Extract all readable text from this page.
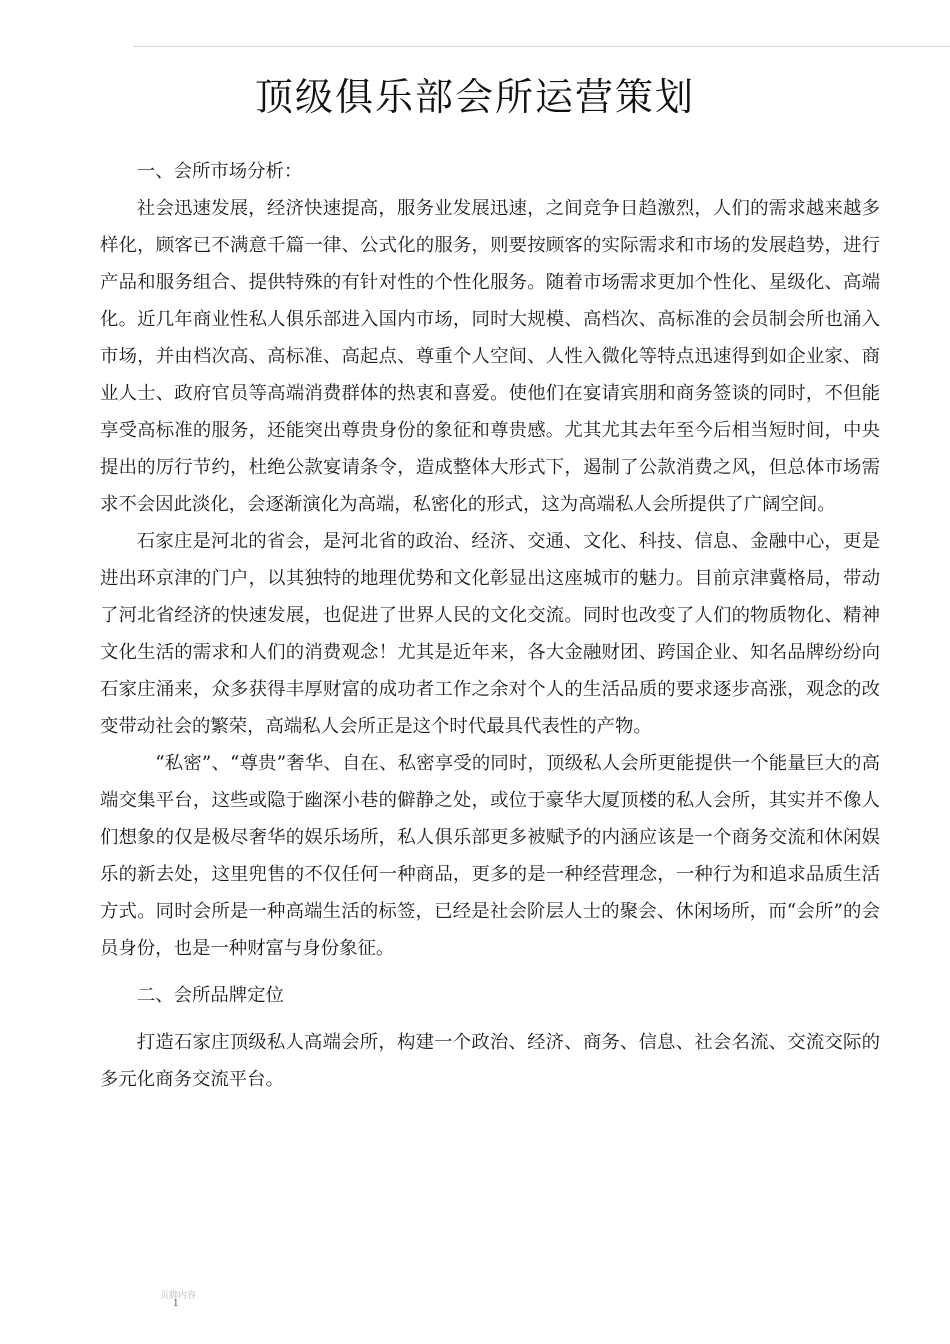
顶级俱乐部会所运营策划

一、会所市场分析：

社会迅速发展，经济快速提高，服务业发展迅速，之间竞争日趋激烈，人们的需求越来越多样化，顾客已不满意千篇一律、公式化的服务，则要按顾客的实际需求和市场的发展趋势，进行产品和服务组合、提供特殊的有针对性的个性化服务。随着市场需求更加个性化、星级化、高端化。近几年商业性私人俱乐部进入国内市场，同时大规模、高档次、高标准的会员制会所也涌入市场，并由档次高、高标准、高起点、尊重个人空间、人性入微化等特点迅速得到如企业家、商业人士、政府官员等高端消费群体的热衷和喜爱。使他们在宴请宾朋和商务签谈的同时，不但能享受高标准的服务，还能突出尊贵身份的象征和尊贵感。尤其尤其去年至今后相当短时间，中央提出的厉行节约，杜绝公款宴请条令，造成整体大形式下，遏制了公款消费之风，但总体市场需求不会因此淡化，会逐渐演化为高端，私密化的形式，这为高端私人会所提供了广阔空间。

石家庄是河北的省会，是河北省的政治、经济、交通、文化、科技、信息、金融中心，更是进出环京津的门户，以其独特的地理优势和文化彰显出这座城市的魅力。目前京津冀格局，带动了河北省经济的快速发展，也促进了世界人民的文化交流。同时也改变了人们的物质物化、精神文化生活的需求和人们的消费观念！尤其是近年来，各大金融财团、跨国企业、知名品牌纷纷向石家庄涌来，众多获得丰厚财富的成功者工作之余对个人的生活品质的要求逐步高涨，观念的改变带动社会的繁荣，高端私人会所正是这个时代最具代表性的产物。

“私密”、“尊贵”奢华、自在、私密享受的同时，顶级私人会所更能提供一个能量巨大的高端交集平台，这些或隐于幽深小巷的僻静之处，或位于豪华大厦顶楼的私人会所，其实并不像人们想象的仅是极尽奢华的娱乐场所，私人俱乐部更多被赋予的内涵应该是一个商务交流和休闲娱乐的新去处，这里兜售的不仅任何一种商品，更多的是一种经营理念，一种行为和追求品质生活方式。同时会所是一种高端生活的标签，已经是社会阶层人士的聚会、休闲场所，而“会所”的会员身份，也是一种财富与身份象征。

二、会所品牌定位

打造石家庄顶级私人高端会所，构建一个政治、经济、商务、信息、社会名流、交流交际的多元化商务交流平台。

页脚内容
1
